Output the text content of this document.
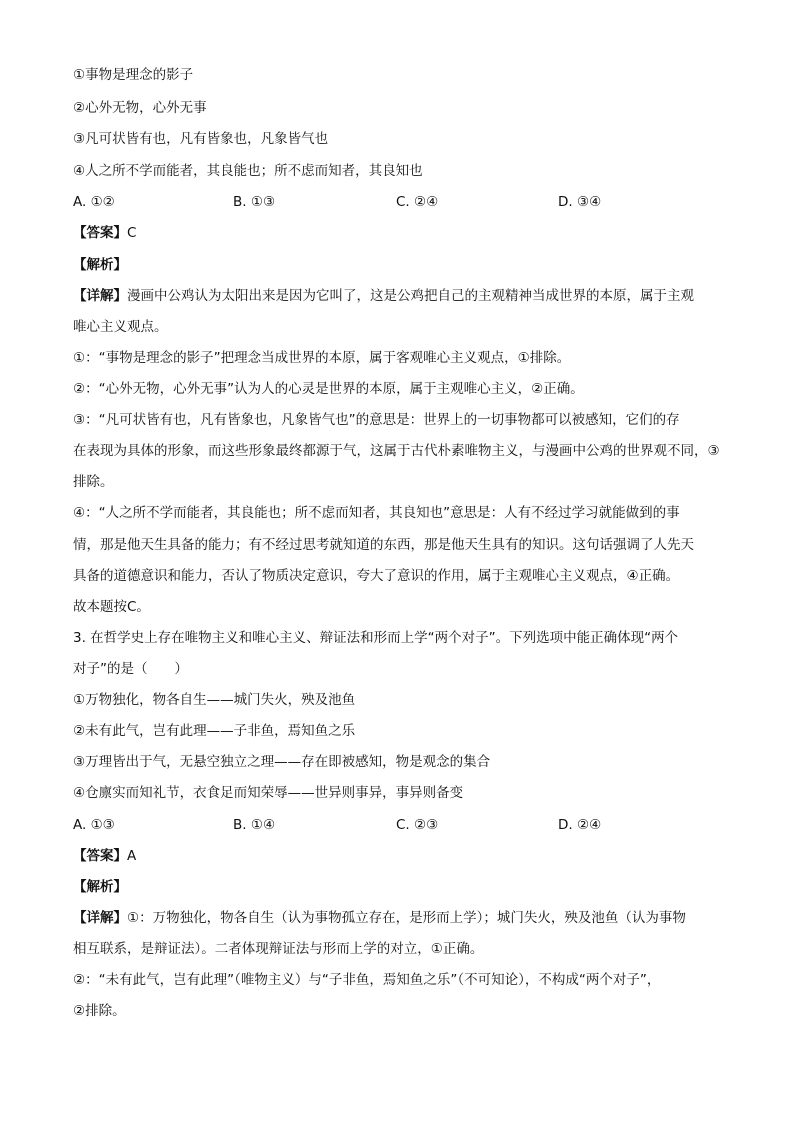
①事物是理念的影子
②心外无物，心外无事
③凡可状皆有也，凡有皆象也，凡象皆气也
④人之所不学而能者，其良能也；所不虑而知者，其良知也
A. ①②	B. ①③	C. ②④	D. ③④
【答案】C
【解析】
【详解】漫画中公鸡认为太阳出来是因为它叫了，这是公鸡把自己的主观精神当成世界的本原，属于主观
唯心主义观点。
①：“事物是理念的影子”把理念当成世界的本原，属于客观唯心主义观点，①排除。
②：“心外无物，心外无事”认为人的心灵是世界的本原，属于主观唯心主义，②正确。
③：“凡可状皆有也，凡有皆象也，凡象皆气也”的意思是：世界上的一切事物都可以被感知，它们的存
在表现为具体的形象，而这些形象最终都源于气，这属于古代朴素唯物主义，与漫画中公鸡的世界观不同，③
排除。
④：“人之所不学而能者，其良能也；所不虑而知者，其良知也”意思是：人有不经过学习就能做到的事
情，那是他天生具备的能力；有不经过思考就知道的东西，那是他天生具有的知识。这句话强调了人先天
具备的道德意识和能力，否认了物质决定意识，夸大了意识的作用，属于主观唯心主义观点，④正确。
故本题按C。
3. 在哲学史上存在唯物主义和唯心主义、辩证法和形而上学“两个对子”。下列选项中能正确体现“两个
对子”的是（　　）
①万物独化，物各自生——城门失火，殃及池鱼
②未有此气，岂有此理——子非鱼，焉知鱼之乐
③万理皆出于气，无悬空独立之理——存在即被感知，物是观念的集合
④仓廪实而知礼节，衣食足而知荣辱——世异则事异，事异则备变
A. ①③	B. ①④	C. ②③	D. ②④
【答案】A
【解析】
【详解】①：万物独化，物各自生（认为事物孤立存在，是形而上学）；城门失火，殃及池鱼（认为事物
相互联系，是辩证法）。二者体现辩证法与形而上学的对立，①正确。
②：“未有此气，岂有此理”（唯物主义）与“子非鱼，焉知鱼之乐”（不可知论），不构成“两个对子”，
②排除。
